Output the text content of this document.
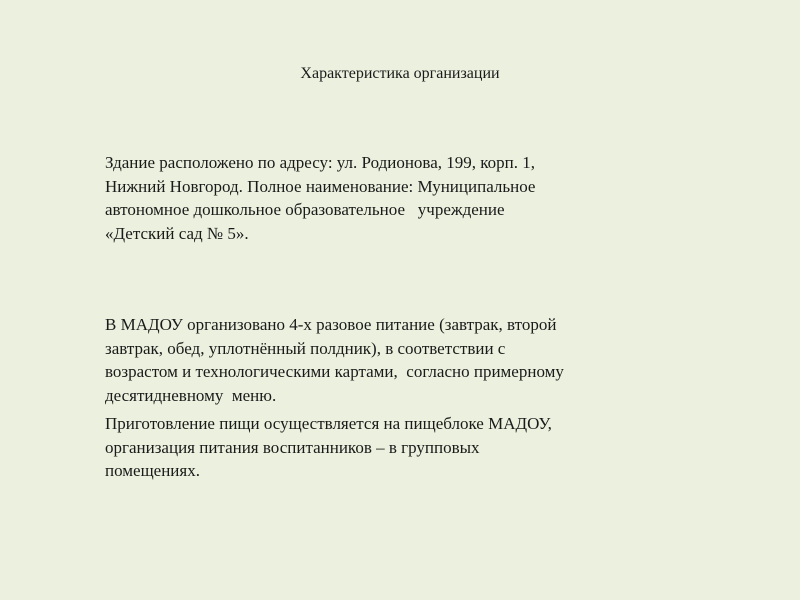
Характеристика организации

Здание расположено по адресу: ул. Родионова, 199, корп. 1,
Нижний Новгород. Полное наименование: Муниципальное
автономное дошкольное образовательное   учреждение
«Детский сад № 5».

В МАДОУ организовано 4-х разовое питание (завтрак, второй
завтрак, обед, уплотнённый полдник), в соответствии с
возрастом и технологическими картами,  согласно примерному
десятидневному  меню.

Приготовление пищи осуществляется на пищеблоке МАДОУ,
организация питания воспитанников – в групповых
помещениях.
